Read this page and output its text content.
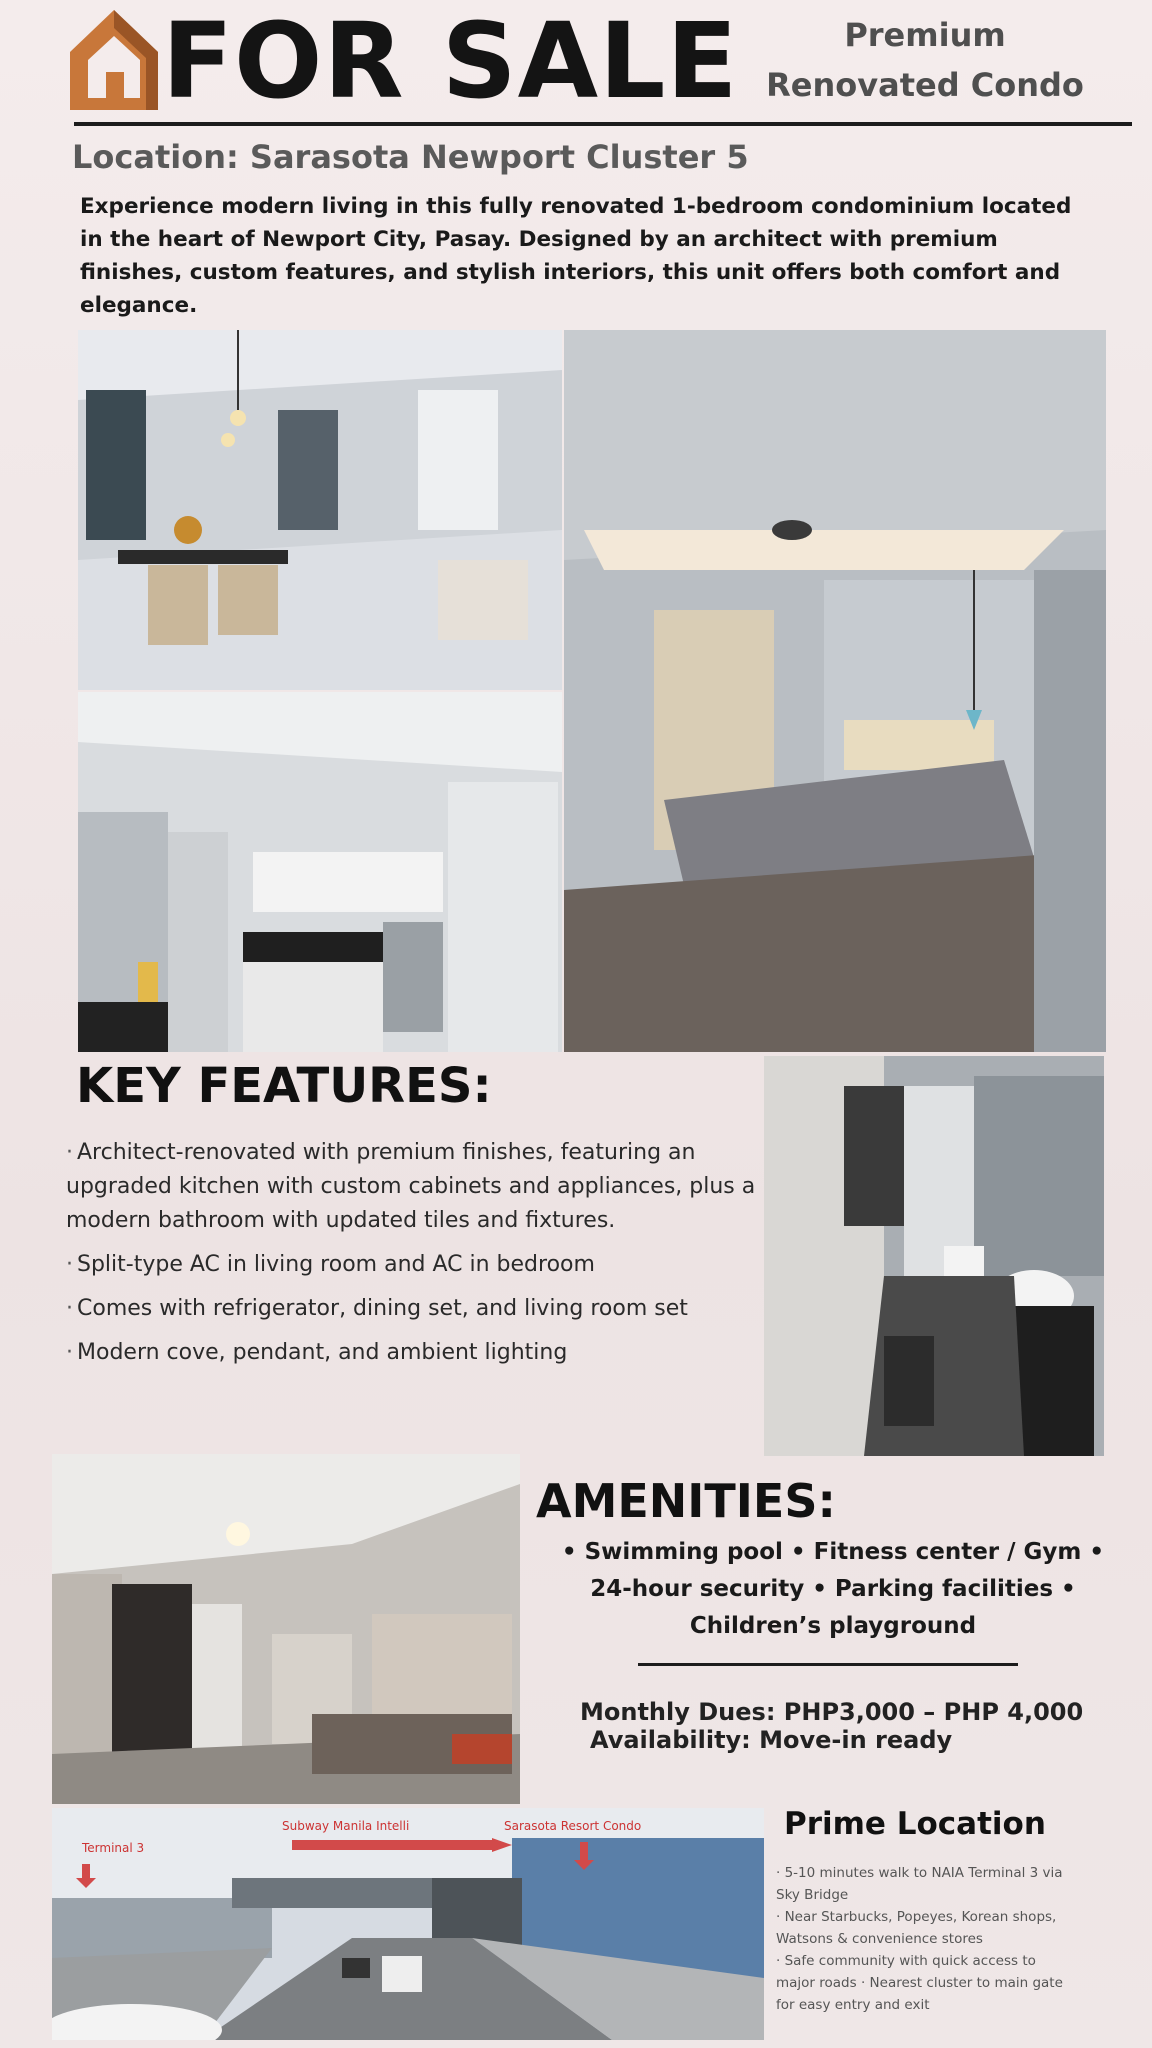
FOR SALE	Premium
Renovated Condo
Location: Sarasota Newport Cluster 5
Experience modern living in this fully renovated 1-bedroom condominium located in the heart of Newport City, Pasay. Designed by an architect with premium finishes, custom features, and stylish interiors, this unit offers both comfort and elegance.
Terminal 3
Subway Manila Intelli	Sarasota Resort Condo
KEY FEATURES:
· Architect-renovated with premium finishes, featuring an upgraded kitchen with custom cabinets and appliances, plus a modern bathroom with updated tiles and fixtures.
· Split-type AC in living room and AC in bedroom
· Comes with refrigerator, dining set, and living room set
· Modern cove, pendant, and ambient lighting
AMENITIES:
• Swimming pool • Fitness center / Gym •
24-hour security • Parking facilities •
Children’s playground
Monthly Dues: PHP3,000 – PHP 4,000
Availability: Move-in ready
Prime Location
· 5-10 minutes walk to NAIA Terminal 3 via
Sky Bridge
· Near Starbucks, Popeyes, Korean shops,
Watsons & convenience stores
· Safe community with quick access to
major roads · Nearest cluster to main gate
for easy entry and exit
